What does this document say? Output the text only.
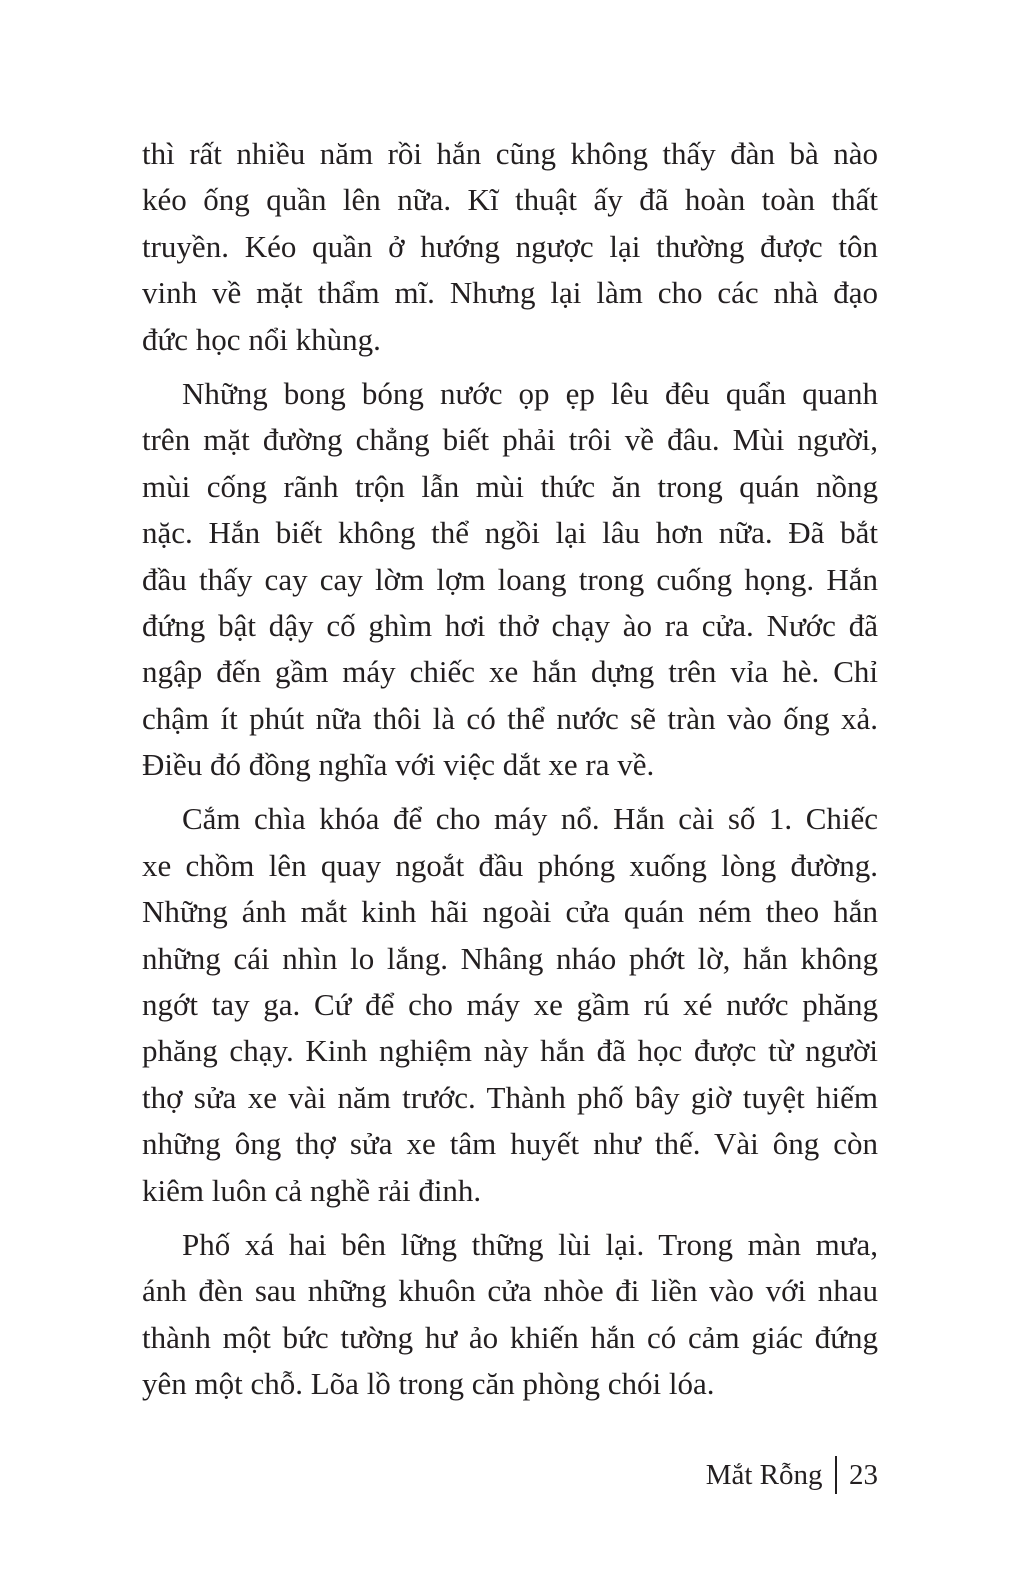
thì rất nhiều năm rồi hắn cũng không thấy đàn bà nào
kéo ống quần lên nữa. Kĩ thuật ấy đã hoàn toàn thất
truyền. Kéo quần ở hướng ngược lại thường được tôn
vinh về mặt thẩm mĩ. Nhưng lại làm cho các nhà đạo
đức học nổi khùng.
Những bong bóng nước ọp ẹp lêu đêu quẩn quanh
trên mặt đường chẳng biết phải trôi về đâu. Mùi người,
mùi cống rãnh trộn lẫn mùi thức ăn trong quán nồng
nặc. Hắn biết không thể ngồi lại lâu hơn nữa. Đã bắt
đầu thấy cay cay lờm lợm loang trong cuống họng. Hắn
đứng bật dậy cố ghìm hơi thở chạy ào ra cửa. Nước đã
ngập đến gầm máy chiếc xe hắn dựng trên vỉa hè. Chỉ
chậm ít phút nữa thôi là có thể nước sẽ tràn vào ống xả.
Điều đó đồng nghĩa với việc dắt xe ra về.
Cắm chìa khóa để cho máy nổ. Hắn cài số 1. Chiếc
xe chồm lên quay ngoắt đầu phóng xuống lòng đường.
Những ánh mắt kinh hãi ngoài cửa quán ném theo hắn
những cái nhìn lo lắng. Nhâng nháo phớt lờ, hắn không
ngớt tay ga. Cứ để cho máy xe gầm rú xé nước phăng
phăng chạy. Kinh nghiệm này hắn đã học được từ người
thợ sửa xe vài năm trước. Thành phố bây giờ tuyệt hiếm
những ông thợ sửa xe tâm huyết như thế. Vài ông còn
kiêm luôn cả nghề rải đinh.
Phố xá hai bên lững thững lùi lại. Trong màn mưa,
ánh đèn sau những khuôn cửa nhòe đi liền vào với nhau
thành một bức tường hư ảo khiến hắn có cảm giác đứng
yên một chỗ. Lõa lồ trong căn phòng chói lóa.
Mắt Rỗng 23
